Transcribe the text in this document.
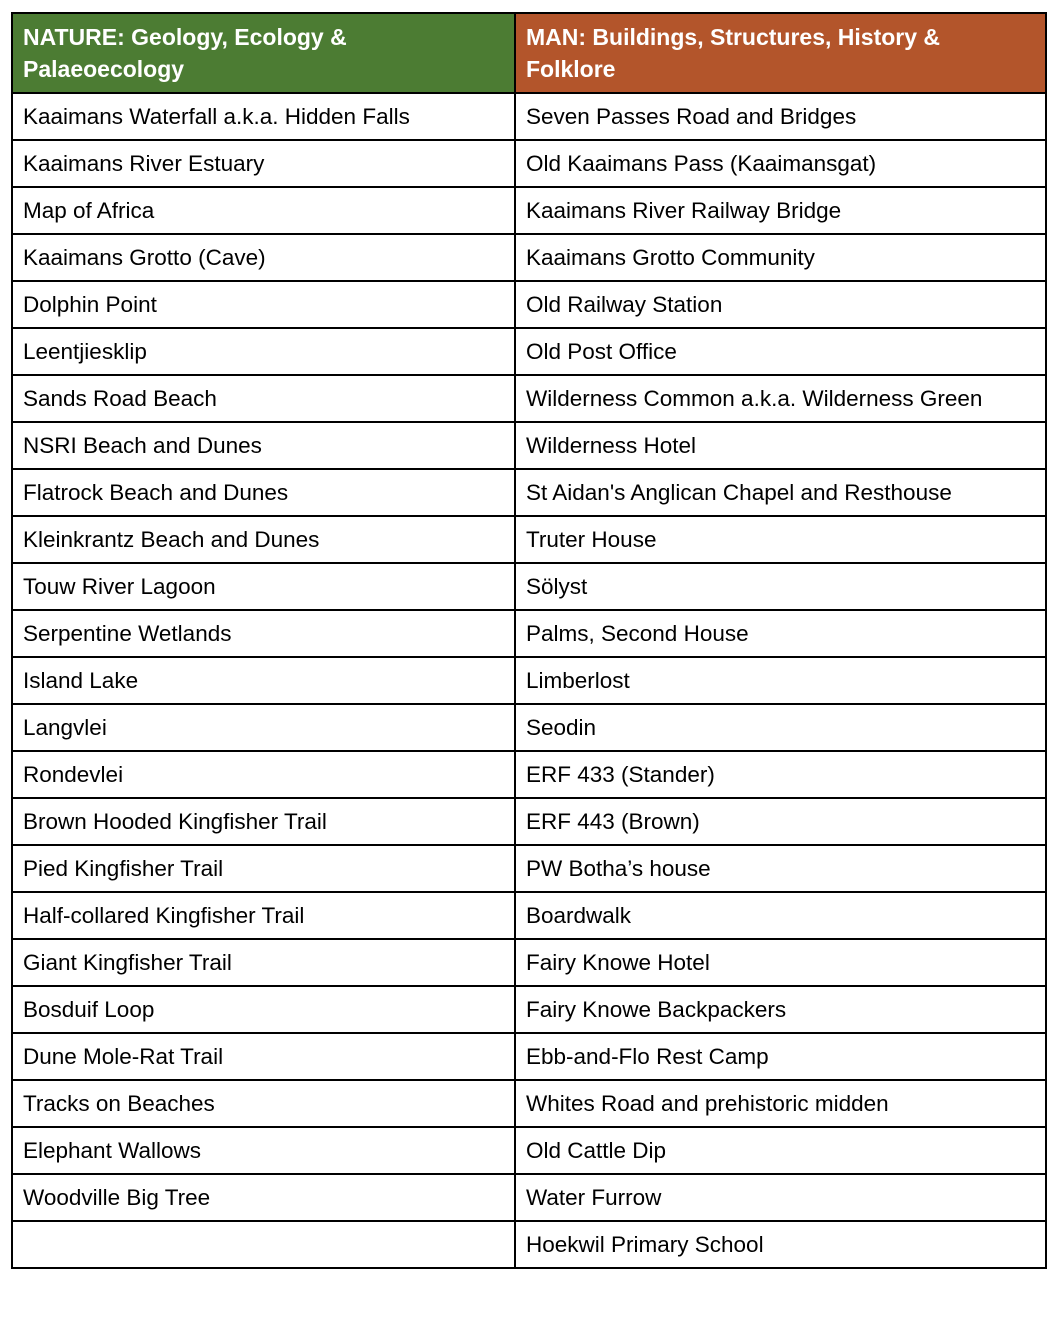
NATURE: Geology, Ecology & Palaeoecology	MAN: Buildings, Structures, History & Folklore
Kaaimans Waterfall a.k.a. Hidden Falls	Seven Passes Road and Bridges
Kaaimans River Estuary	Old Kaaimans Pass (Kaaimansgat)
Map of Africa	Kaaimans River Railway Bridge
Kaaimans Grotto (Cave)	Kaaimans Grotto Community
Dolphin Point	Old Railway Station
Leentjiesklip	Old Post Office
Sands Road Beach	Wilderness Common a.k.a. Wilderness Green
NSRI Beach and Dunes	Wilderness Hotel
Flatrock Beach and Dunes	St Aidan's Anglican Chapel and Resthouse
Kleinkrantz Beach and Dunes	Truter House
Touw River Lagoon	Sölyst
Serpentine Wetlands	Palms, Second House
Island Lake	Limberlost
Langvlei	Seodin
Rondevlei	ERF 433 (Stander)
Brown Hooded Kingfisher Trail	ERF 443 (Brown)
Pied Kingfisher Trail	PW Botha’s house
Half-collared Kingfisher Trail	Boardwalk
Giant Kingfisher Trail	Fairy Knowe Hotel
Bosduif Loop	Fairy Knowe Backpackers
Dune Mole-Rat Trail	Ebb-and-Flo Rest Camp
Tracks on Beaches	Whites Road and prehistoric midden
Elephant Wallows	Old Cattle Dip
Woodville Big Tree	Water Furrow
	Hoekwil Primary School
